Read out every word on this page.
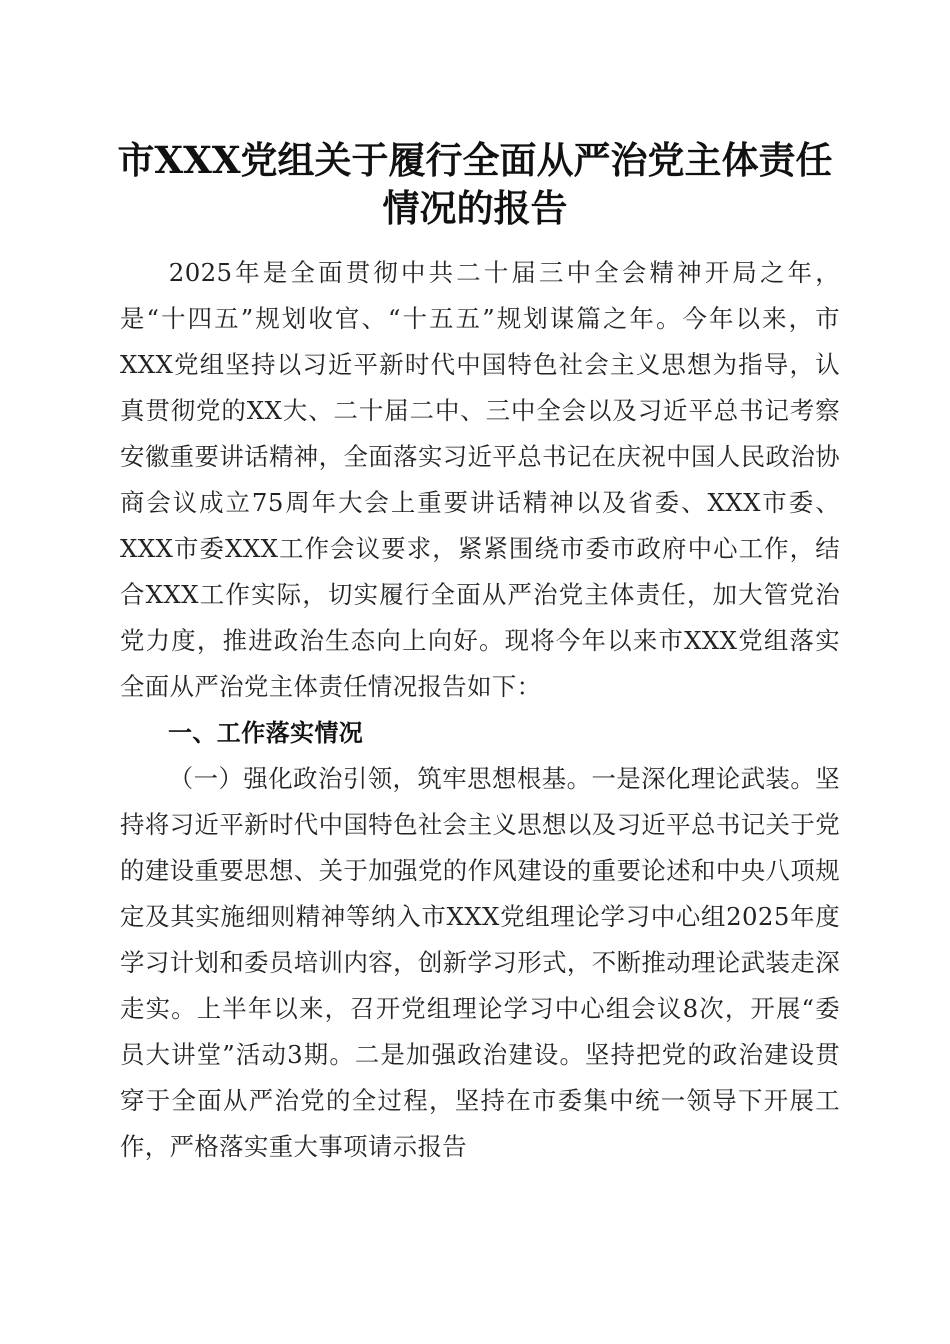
市XXX党组关于履行全面从严治党主体责任
情况的报告

2025年是全面贯彻中共二十届三中全会精神开局之年，是“十四五”规划收官、“十五五”规划谋篇之年。今年以来，市XXX党组坚持以习近平新时代中国特色社会主义思想为指导，认真贯彻党的XX大、二十届二中、三中全会以及习近平总书记考察安徽重要讲话精神，全面落实习近平总书记在庆祝中国人民政治协商会议成立75周年大会上重要讲话精神以及省委、XXX市委、XXX市委XXX工作会议要求，紧紧围绕市委市政府中心工作，结合XXX工作实际，切实履行全面从严治党主体责任，加大管党治党力度，推进政治生态向上向好。现将今年以来市XXX党组落实全面从严治党主体责任情况报告如下：

一、工作落实情况

（一）强化政治引领，筑牢思想根基。一是深化理论武装。坚持将习近平新时代中国特色社会主义思想以及习近平总书记关于党的建设重要思想、关于加强党的作风建设的重要论述和中央八项规定及其实施细则精神等纳入市XXX党组理论学习中心组2025年度学习计划和委员培训内容，创新学习形式，不断推动理论武装走深走实。上半年以来，召开党组理论学习中心组会议8次，开展“委员大讲堂”活动3期。二是加强政治建设。坚持把党的政治建设贯穿于全面从严治党的全过程，坚持在市委集中统一领导下开展工作，严格落实重大事项请示报告
